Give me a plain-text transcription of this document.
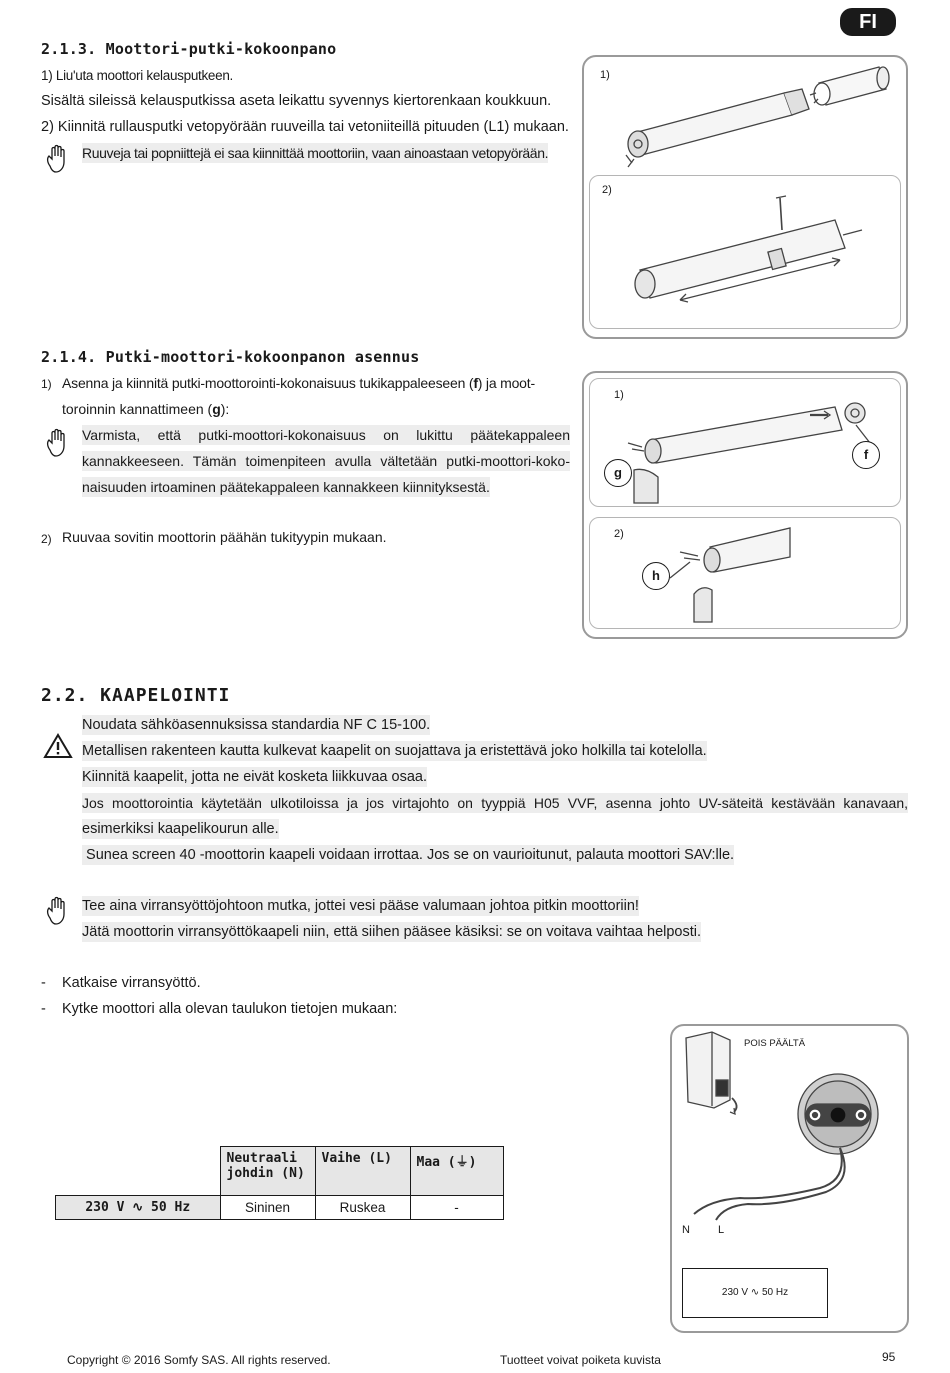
FI
2.1.3. Moottori-putki-kokoonpano
1) Liu'uta moottori kelausputkeen.
Sisältä sileissä kelausputkissa aseta leikattu syvennys kiertorenkaan koukkuun.
2) Kiinnitä rullausputki vetopyörään ruuveilla tai vetoniiteillä pituuden (L1) mukaan.
Ruuveja tai popniittejä ei saa kiinnittää moottoriin, vaan ainoastaan vetopyörään.
1)
2)
2.1.4. Putki-moottori-kokoonpanon asennus
1) Asenna ja kiinnitä putki-moottorointi-kokonaisuus tukikappaleeseen (f) ja moot-
toroinnin kannattimeen (g):
Varmista, että putki-moottori-kokonaisuus on lukittu päätekappaleen
kannakkeeseen. Tämän toimenpiteen avulla vältetään putki-moottori-koko-
naisuuden irtoaminen päätekappaleen kannakkeen kiinnityksestä.
2) Ruuvaa sovitin moottorin päähän tukityypin mukaan.
1)
g
f
2)
h
2.2. KAAPELOINTI
Noudata sähköasennuksissa standardia NF C 15-100.
Metallisen rakenteen kautta kulkevat kaapelit on suojattava ja eristettävä joko holkilla tai kotelolla.
Kiinnitä kaapelit, jotta ne eivät kosketa liikkuvaa osaa.
Jos moottorointia käytetään ulkotiloissa ja jos virtajohto on tyyppiä H05 VVF, asenna johto UV-säteitä kestävään kanavaan,
esimerkiksi kaapelikourun alle.
Sunea screen 40 -moottorin kaapeli voidaan irrottaa. Jos se on vaurioitunut, palauta moottori SAV:lle.
Tee aina virransyöttöjohtoon mutka, jottei vesi pääse valumaan johtoa pitkin moottoriin!
Jätä moottorin virransyöttökaapeli niin, että siihen pääsee käsiksi: se on voitava vaihtaa helposti.
- Katkaise virransyöttö.
- Kytke moottori alla olevan taulukon tietojen mukaan:
	Neutraali johdin (N)	Vaihe (L)	Maa (⏚)
230 V ∿ 50 Hz	Sininen	Ruskea	-
POIS PÄÄLTÄ
N	L
230 V ∿ 50 Hz
Copyright © 2016 Somfy SAS. All rights reserved.	Tuotteet voivat poiketa kuvista	95
